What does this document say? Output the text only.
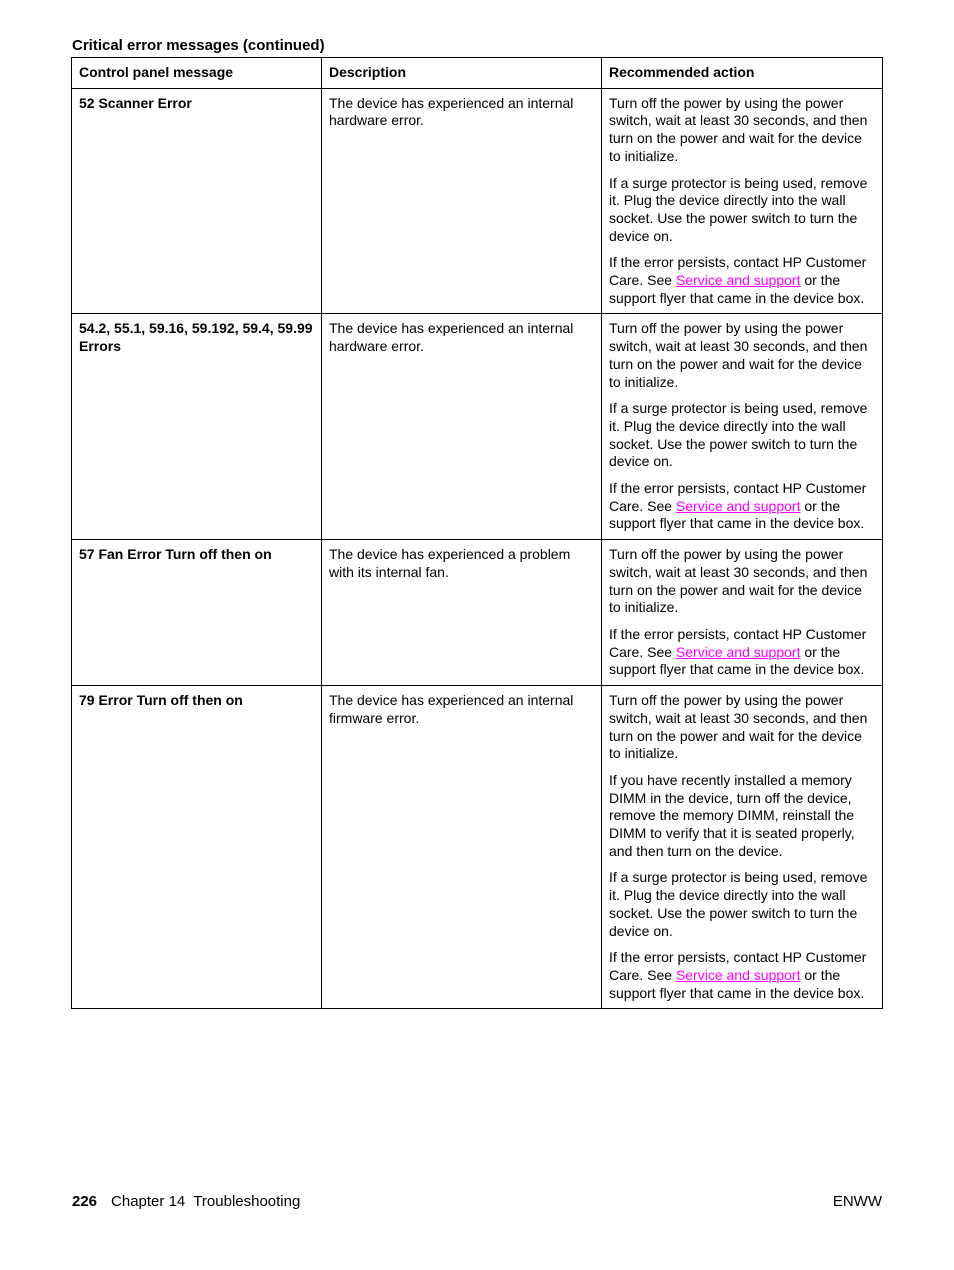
Critical error messages (continued)
Control panel message	Description	Recommended action
52 Scanner Error	The device has experienced an internal hardware error.	Turn off the power by using the power switch, wait at least 30 seconds, and then turn on the power and wait for the device to initialize.
If a surge protector is being used, remove it. Plug the device directly into the wall socket. Use the power switch to turn the device on.
If the error persists, contact HP Customer Care. See Service and support or the support flyer that came in the device box.

54.2, 55.1, 59.16, 59.192, 59.4, 59.99 Errors	The device has experienced an internal hardware error.	Turn off the power by using the power switch, wait at least 30 seconds, and then turn on the power and wait for the device to initialize.
If a surge protector is being used, remove it. Plug the device directly into the wall socket. Use the power switch to turn the device on.
If the error persists, contact HP Customer Care. See Service and support or the support flyer that came in the device box.

57 Fan Error Turn off then on	The device has experienced a problem with its internal fan.	Turn off the power by using the power switch, wait at least 30 seconds, and then turn on the power and wait for the device to initialize.
If the error persists, contact HP Customer Care. See Service and support or the support flyer that came in the device box.

79 Error Turn off then on	The device has experienced an internal firmware error.	Turn off the power by using the power switch, wait at least 30 seconds, and then turn on the power and wait for the device to initialize.
If you have recently installed a memory DIMM in the device, turn off the device, remove the memory DIMM, reinstall the DIMM to verify that it is seated properly, and then turn on the device.
If a surge protector is being used, remove it. Plug the device directly into the wall socket. Use the power switch to turn the device on.
If the error persists, contact HP Customer Care. See Service and support or the support flyer that came in the device box.
226 Chapter 14  Troubleshooting	ENWW
